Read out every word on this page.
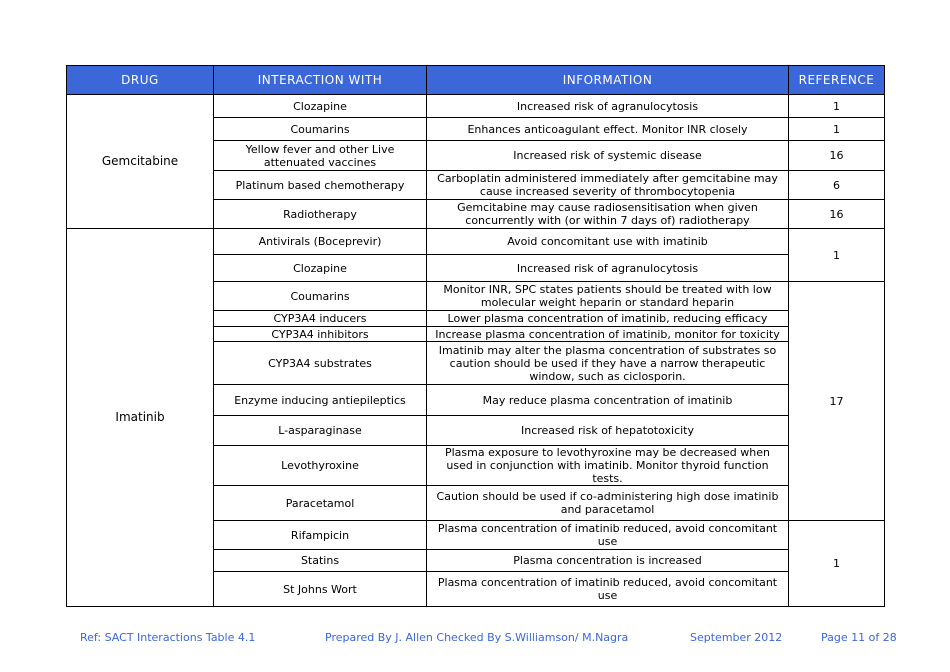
DRUG	INTERACTION WITH	INFORMATION	REFERENCE
Gemcitabine	Clozapine	Increased risk of agranulocytosis	1
	Coumarins	Enhances anticoagulant effect. Monitor INR closely	1
	Yellow fever and other Live attenuated vaccines	Increased risk of systemic disease	16
	Platinum based chemotherapy	Carboplatin administered immediately after gemcitabine may cause increased severity of thrombocytopenia	6
	Radiotherapy	Gemcitabine may cause radiosensitisation when given concurrently with (or within 7 days of) radiotherapy	16
Imatinib	Antivirals (Boceprevir)	Avoid concomitant use with imatinib	1
	Clozapine	Increased risk of agranulocytosis	
	Coumarins	Monitor INR, SPC states patients should be treated with low molecular weight heparin or standard heparin	17
	CYP3A4 inducers	Lower plasma concentration of imatinib, reducing efficacy	
	CYP3A4 inhibitors	Increase plasma concentration of imatinib, monitor for toxicity	
	CYP3A4 substrates	Imatinib may alter the plasma concentration of substrates so caution should be used if they have a narrow therapeutic window, such as ciclosporin.	
	Enzyme inducing antiepileptics	May reduce plasma concentration of imatinib	
	L-asparaginase	Increased risk of hepatotoxicity	
	Levothyroxine	Plasma exposure to levothyroxine may be decreased when used in conjunction with imatinib. Monitor thyroid function tests.	
	Paracetamol	Caution should be used if co-administering high dose imatinib and paracetamol	
	Rifampicin	Plasma concentration of imatinib reduced, avoid concomitant use	1
	Statins	Plasma concentration is increased	
	St Johns Wort	Plasma concentration of imatinib reduced, avoid concomitant use	
Ref: SACT Interactions Table 4.1	Prepared By J. Allen Checked By S.Williamson/ M.Nagra	September 2012	Page 11 of 28
